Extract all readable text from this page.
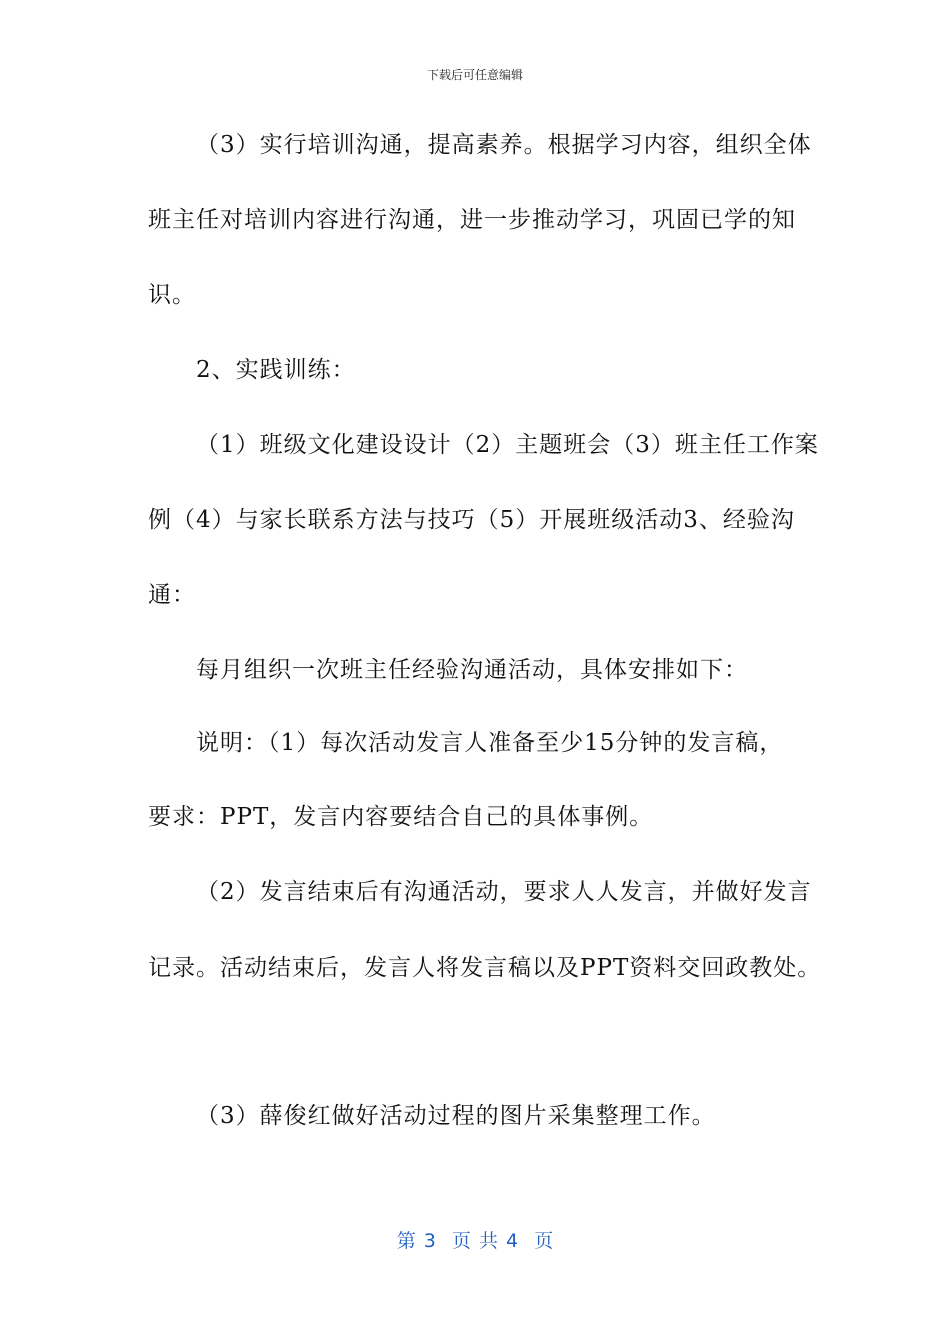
下载后可任意编辑
（3）实行培训沟通，提高素养。根据学习内容，组织全体
班主任对培训内容进行沟通，进一步推动学习，巩固已学的知
识。
2、实践训练：
（1）班级文化建设设计（2）主题班会（3）班主任工作案
例（4）与家长联系方法与技巧（5）开展班级活动3、经验沟
通：
每月组织一次班主任经验沟通活动，具体安排如下：
说明：（1）每次活动发言人准备至少15分钟的发言稿，
要求：PPT，发言内容要结合自己的具体事例。
（2）发言结束后有沟通活动，要求人人发言，并做好发言
记录。活动结束后，发言人将发言稿以及PPT资料交回政教处。
（3）薛俊红做好活动过程的图片采集整理工作。
第 3  页 共 4  页
